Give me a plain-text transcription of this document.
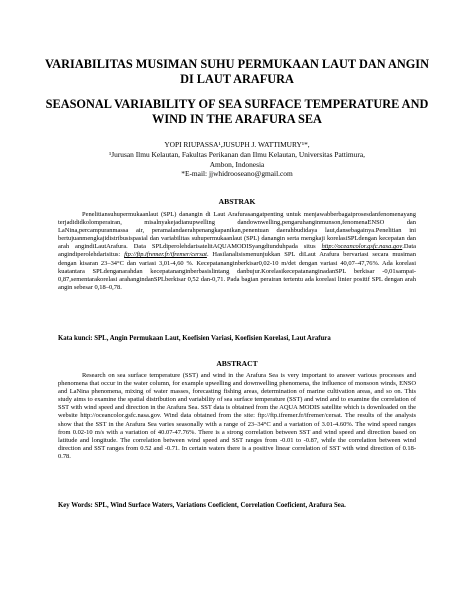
VARIABILITAS MUSIMAN SUHU PERMUKAAN LAUT DAN ANGIN DI LAUT ARAFURA
SEASONAL VARIABILITY OF SEA SURFACE TEMPERATURE AND WIND IN THE ARAFURA SEA

YOPI RIUPASSA¹,JUSUPH J. WATTIMURY¹*,

¹Jurusan Ilmu Kelautan, Fakultas Perikanan dan Ilmu Kelautan, Universitas Pattimura,

Ambon, Indonesia

*E-mail: jjwhidrooseano@gmail.com

ABSTRAK

Penelitiansuhupermukaanlaut (SPL) danangin di Laut Arafurasangatpenting untuk menjawabberbagaiprosesdanfenomenayang terjadididkolomperairan, misalnyakejadianupwelling dandownwelling,pengaruhanginmunson,fenomenaENSO dan LaNina,percampuranmassa air, peramalandaerahpenangkapanikan,penentuan daerahbudidaya laut,dansebagainya.Penelitian ini bertujuanmengkajidistribusispasial dan variabilitas suhupermukaanlaut (SPL) danangin serta mengkaji korelasiSPLdengan kecepatan dan arah angindiLautArafura. Data SPLdiperolehdarisatelitAQUAMODISyangdiunduhpada situs http://oceancolor.gsfc.nasa.gov.Data angindiperolehdarisitus: ftp://ftp.ifremer.fr/ifremer/cersat. Hasilanalisismenunjukkan SPL diLaut Arafura bervariasi secara musiman dengan kisaran 23–34°C dan variasi 3,01-4,60 %. Kecepatananginberkisar0,02-10 m/det dengan variasi 40,07–47,76%. Ada korelasi kuatantara SPLdenganarahdan kecepatananginberbasislintang danbujur.KorelasikecepatananginadanSPL berkisar -0,01sampai-0,87,sementarakorelasi arahangindanSPLberkisar 0,52 dan-0,71. Pada bagian perairan tertentu ada korelasi linier positif SPL dengan arah angin sebesar 0,18–0,78.

Kata kunci: SPL, Angin Permukaan Laut, Koefisien Variasi, Koefisien Korelasi, Laut Arafura

ABSTRACT

Research on sea surface temperature (SST) and wind in the Arafura Sea is very important to answer various processes and phenomena that occur in the water column, for example upwelling and downwelling phenomena, the influence of monsoon winds, ENSO and LaNina phenomena, mixing of water masses, forecasting fishing areas, determination of marine cultivation areas, and so on. This study aims to examine the spatial distribution and variability of sea surface temperature (SST) and wind and to examine the correlation of SST with wind speed and direction in the Arafura Sea. SST data is obtained from the AQUA MODIS satellite which is downloaded on the website http://oceancolor.gsfc.nasa.gov. Wind data obtained from the site: ftp://ftp.ifremer.fr/ifremer/cersat. The results of the analysis show that the SST in the Arafura Sea varies seasonally with a range of 23–34°C and a variation of 3.01-4.60%. The wind speed ranges from 0.02-10 m/s with a variation of 40.07-47.76%. There is a strong correlation between SST and wind speed and direction based on latitude and longitude. The correlation between wind speed and SST ranges from -0.01 to -0.87, while the correlation between wind direction and SST ranges from 0.52 and -0.71. In certain waters there is a positive linear correlation of SST with wind direction of 0.18-0.78.

Key Words: SPL, Wind Surface Waters, Variations Coeficient, Correlation Coeficient, Arafura Sea.
